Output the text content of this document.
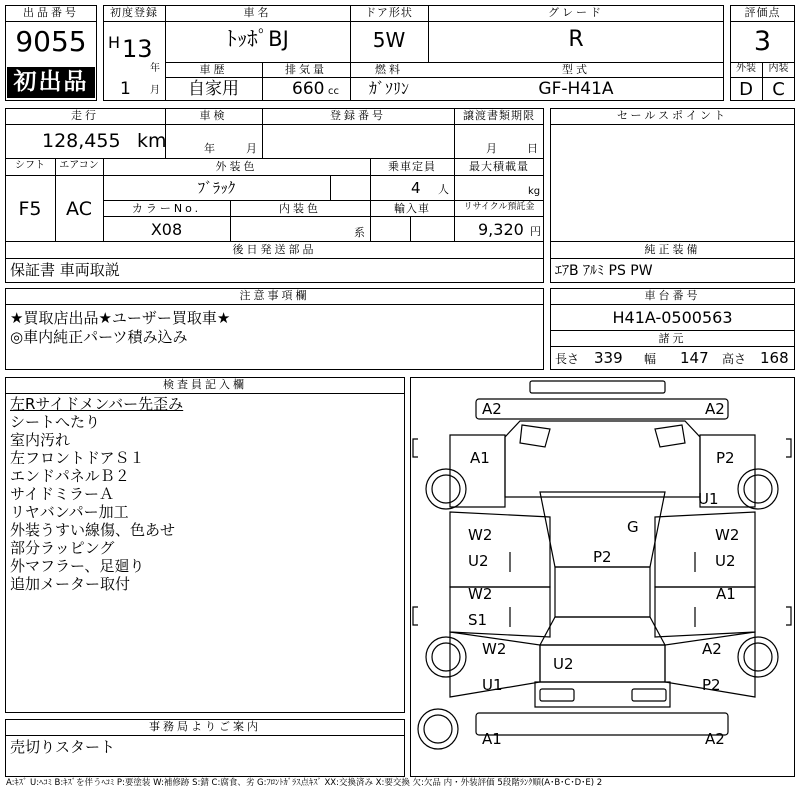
出品番号
9055
初出品
初度登録
H 13
年
1 月
車名
ﾄｯﾎﾟBJ
ドア形状
5W
グレード
R
車歴
自家用
排気量
660 cc
燃料
ｶﾞｿﾘﾝ
型式
GF-H41A
評価点
3
外装	内装
D	C
走行
128,455 km
車検
年	月
登録番号	譲渡書類期限
月	日
シフト	エアコン
F5	AC
外装色
ﾌﾞﾗｯｸ
乗車定員
4 人
最大積載量
kg
カラーNo.
X08
内装色
系
輸入車	リサイクル預託金
9,320 円
後日発送部品
保証書 車両取説
セールスポイント
純正装備
ｴｱB ｱﾙﾐ PS PW
注意事項欄
★買取店出品★ユーザー買取車★
◎車内純正パーツ積み込み
車台番号
H41A-0500563
諸元
長さ 339 幅 147 高さ 168
検査員記入欄
左Rサイドメンバー先歪み
シートへたり
室内汚れ
左フロントドアＳ１
エンドパネルＢ２
サイドミラーＡ
リヤバンパー加工
外装うすい線傷、色あせ
部分ラッピング
外マフラー、足廻り
追加メーター取付
事務局よりご案内
売切りスタート
A2	A2
A1	P2
U1
G
P2
W2
U2
W2
U2
W2
S1
A1
W2	A2
U2
U1	P2
A1	A2
A:ｷｽﾞ U:ﾍｺﾐ B:ｷｽﾞを伴うﾍｺﾐ P:要塗装 W:補修跡 S:錆 C:腐食、劣 G:ﾌﾛﾝﾄｶﾞﾗｽ点ｷｽﾞ XX:交換済み X:要交換 欠:欠品 内・外装評価 5段階ﾗﾝｸ順(A･B･C･D･E) 2
